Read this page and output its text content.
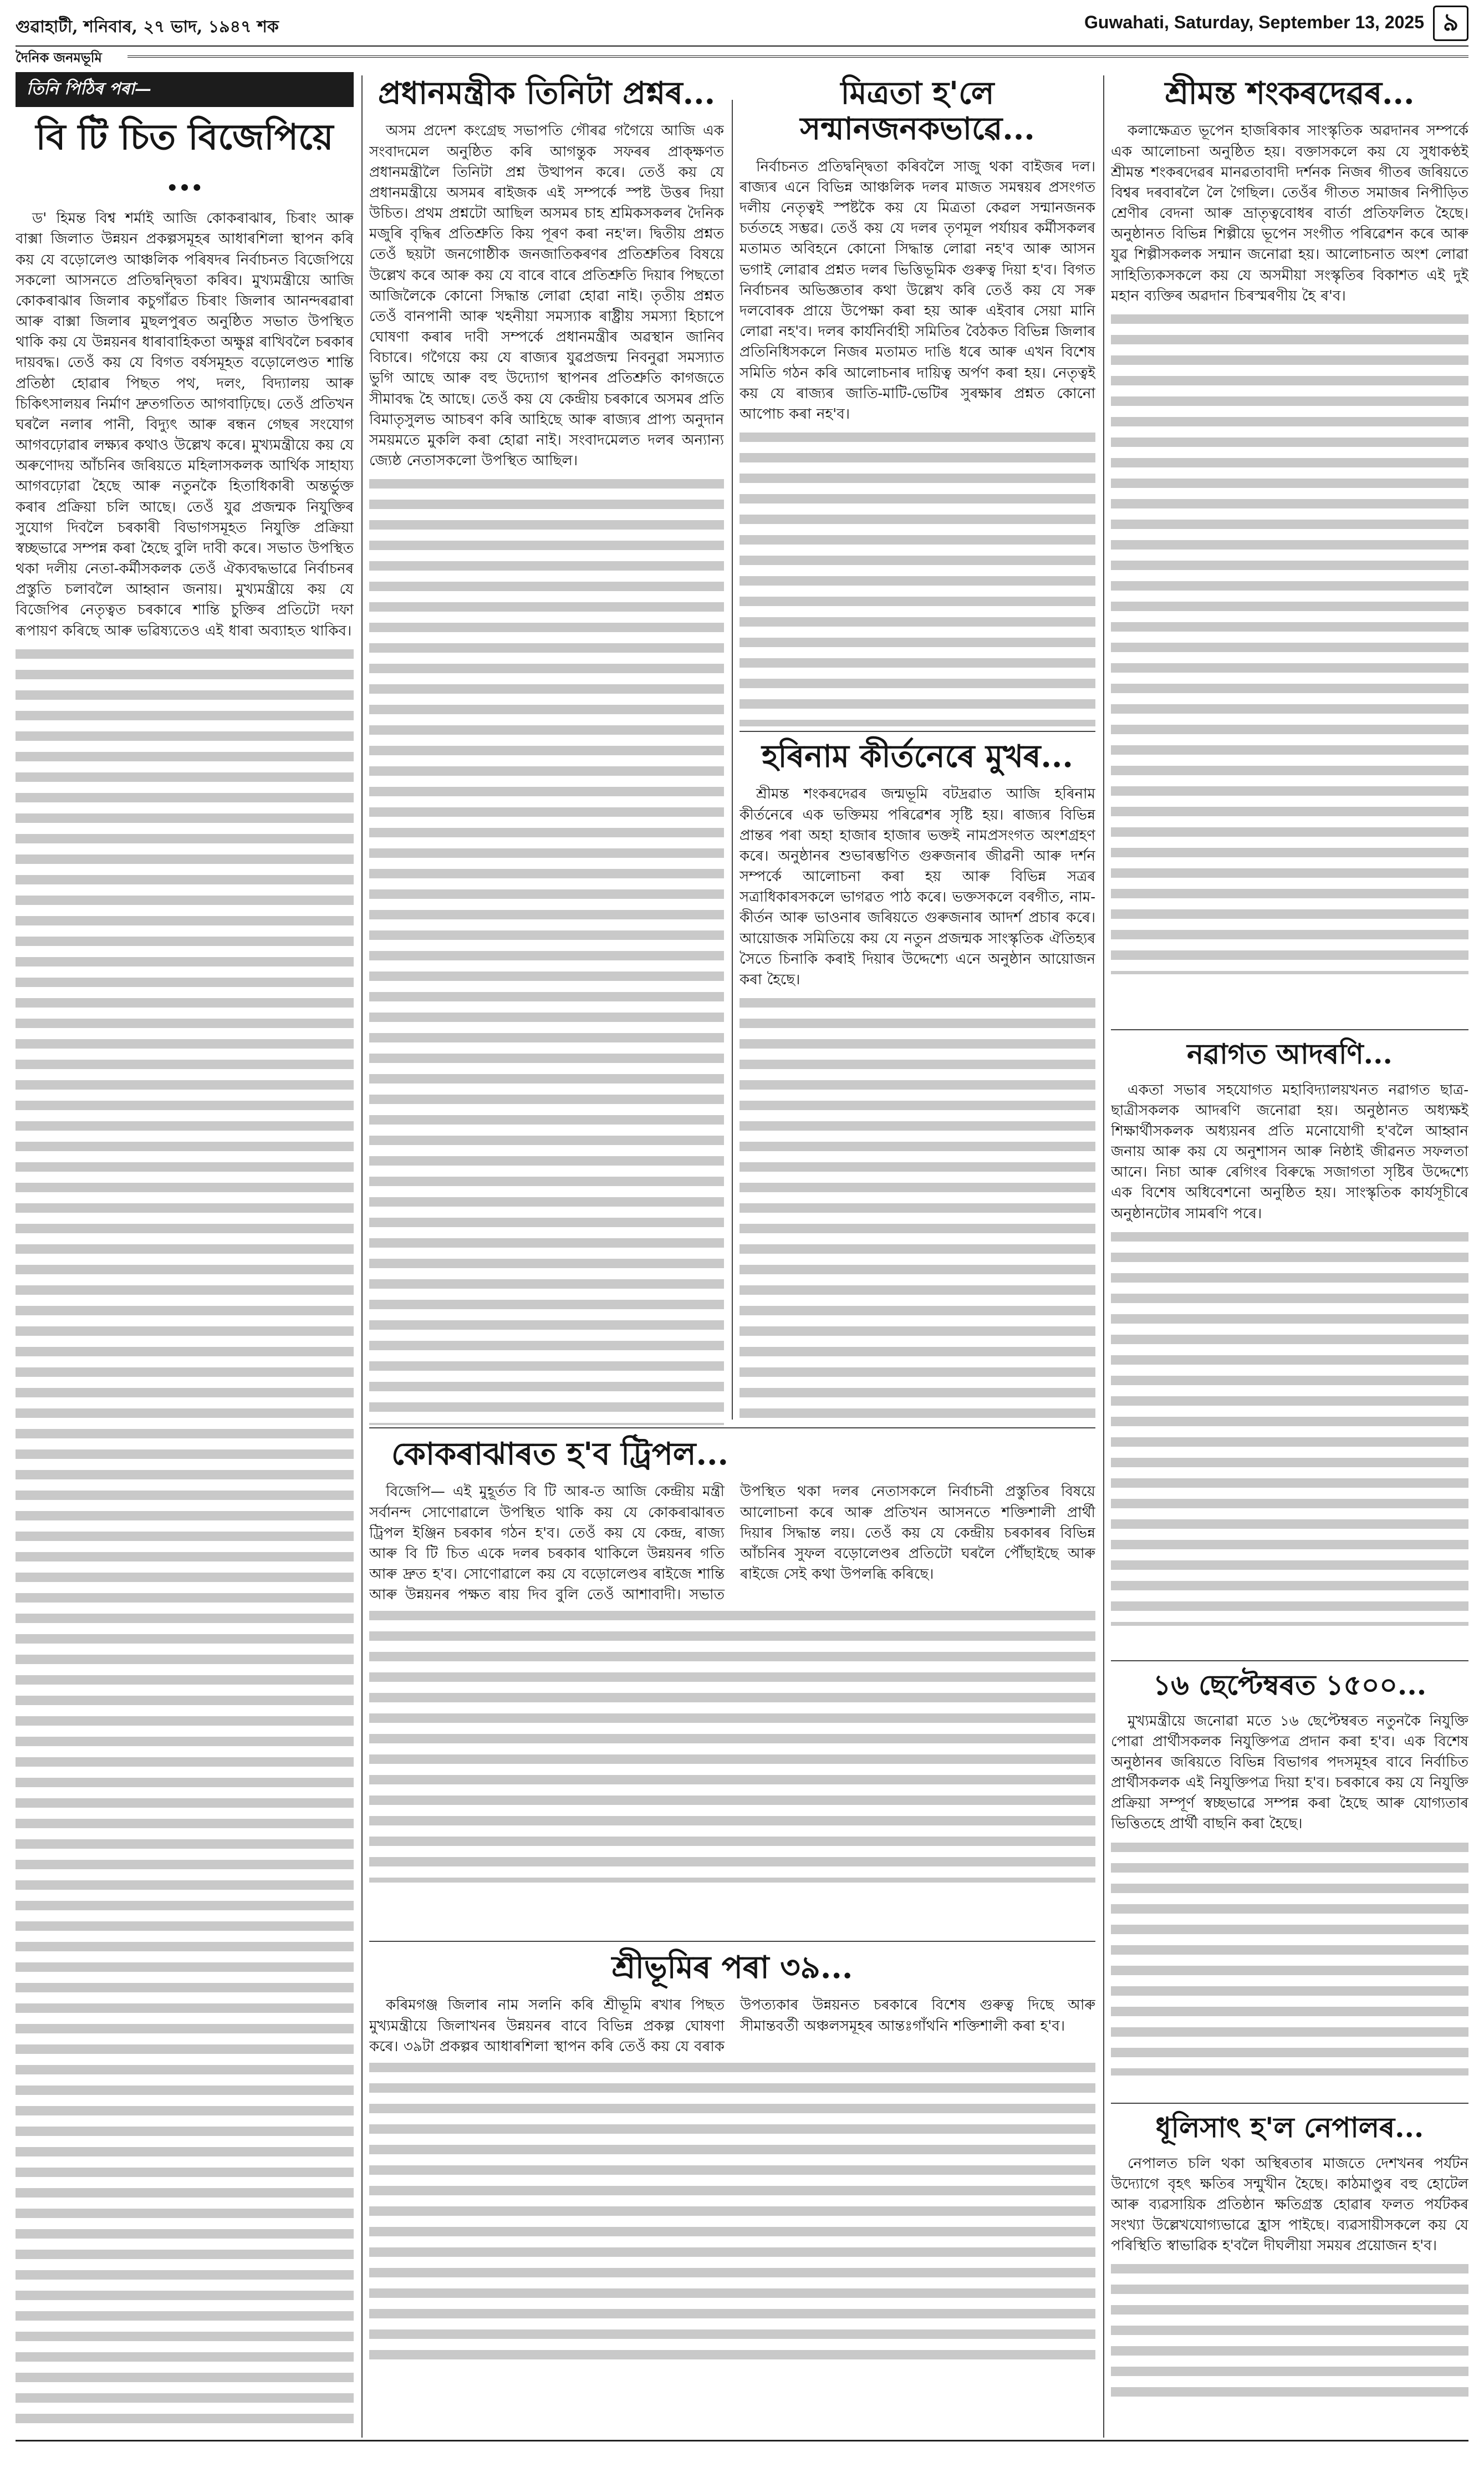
গুৱাহাটী, শনিবাৰ, ২৭ ভাদ, ১৯৪৭ শক	Guwahati, Saturday, September 13, 2025 ৯
দৈনিক জনমভূমি
তিনি পিঠিৰ পৰা—
বি টি চিত বিজেপিয়ে ...

ড' হিমন্ত বিশ্ব শৰ্মাই আজি কোকৰাঝাৰ, চিৰাং আৰু বাক্সা জিলাত উন্নয়ন প্ৰকল্পসমূহৰ আধাৰশিলা স্থাপন কৰি কয় যে বড়োলেণ্ড আঞ্চলিক পৰিষদৰ নিৰ্বাচনত বিজেপিয়ে সকলো আসনতে প্ৰতিদ্বন্দ্বিতা কৰিব। মুখ্যমন্ত্ৰীয়ে আজি কোকৰাঝাৰ জিলাৰ কচুগাঁৱত চিৰাং জিলাৰ আনন্দৰৱাৰা আৰু বাক্সা জিলাৰ মুছলপুৰত অনুষ্ঠিত সভাত উপস্থিত থাকি কয় যে উন্নয়নৰ ধাৰাবাহিকতা অক্ষুণ্ণ ৰাখিবলৈ চৰকাৰ দায়বদ্ধ। তেওঁ কয় যে বিগত বৰ্ষসমূহত বড়োলেণ্ডত শান্তি প্ৰতিষ্ঠা হোৱাৰ পিছত পথ, দলং, বিদ্যালয় আৰু চিকিৎসালয়ৰ নিৰ্মাণ দ্ৰুতগতিত আগবাঢ়িছে। তেওঁ প্ৰতিখন ঘৰলৈ নলাৰ পানী, বিদ্যুৎ আৰু ৰন্ধন গেছৰ সংযোগ আগবঢ়োৱাৰ লক্ষ্যৰ কথাও উল্লেখ কৰে। মুখ্যমন্ত্ৰীয়ে কয় যে অৰুণোদয় আঁচনিৰ জৰিয়তে মহিলাসকলক আৰ্থিক সাহায্য আগবঢ়োৱা হৈছে আৰু নতুনকৈ হিতাধিকাৰী অন্তৰ্ভুক্ত কৰাৰ প্ৰক্ৰিয়া চলি আছে। তেওঁ যুৱ প্ৰজন্মক নিযুক্তিৰ সুযোগ দিবলৈ চৰকাৰী বিভাগসমূহত নিযুক্তি প্ৰক্ৰিয়া স্বচ্ছভাৱে সম্পন্ন কৰা হৈছে বুলি দাবী কৰে। সভাত উপস্থিত থকা দলীয় নেতা-কৰ্মীসকলক তেওঁ ঐক্যবদ্ধভাৱে নিৰ্বাচনৰ প্ৰস্তুতি চলাবলৈ আহ্বান জনায়। মুখ্যমন্ত্ৰীয়ে কয় যে বিজেপিৰ নেতৃত্বত চৰকাৰে শান্তি চুক্তিৰ প্ৰতিটো দফা ৰূপায়ণ কৰিছে আৰু ভৱিষ্যতেও এই ধাৰা অব্যাহত থাকিব।

প্ৰধানমন্ত্ৰীক তিনিটা প্ৰশ্নৰ...

অসম প্ৰদেশ কংগ্ৰেছ সভাপতি গৌৰৱ গগৈয়ে আজি এক সংবাদমেল অনুষ্ঠিত কৰি আগন্তুক সফৰৰ প্ৰাক্ক্ষণত প্ৰধানমন্ত্ৰীলৈ তিনিটা প্ৰশ্ন উত্থাপন কৰে। তেওঁ কয় যে প্ৰধানমন্ত্ৰীয়ে অসমৰ ৰাইজক এই সম্পৰ্কে স্পষ্ট উত্তৰ দিয়া উচিত। প্ৰথম প্ৰশ্নটো আছিল অসমৰ চাহ শ্ৰমিকসকলৰ দৈনিক মজুৰি বৃদ্ধিৰ প্ৰতিশ্ৰুতি কিয় পূৰণ কৰা নহ'ল। দ্বিতীয় প্ৰশ্নত তেওঁ ছয়টা জনগোষ্ঠীক জনজাতিকৰণৰ প্ৰতিশ্ৰুতিৰ বিষয়ে উল্লেখ কৰে আৰু কয় যে বাৰে বাৰে প্ৰতিশ্ৰুতি দিয়াৰ পিছতো আজিলৈকে কোনো সিদ্ধান্ত লোৱা হোৱা নাই। তৃতীয় প্ৰশ্নত তেওঁ বানপানী আৰু খহনীয়া সমস্যাক ৰাষ্ট্ৰীয় সমস্যা হিচাপে ঘোষণা কৰাৰ দাবী সম্পৰ্কে প্ৰধানমন্ত্ৰীৰ অৱস্থান জানিব বিচাৰে। গগৈয়ে কয় যে ৰাজ্যৰ যুৱপ্ৰজন্ম নিবনুৱা সমস্যাত ভুগি আছে আৰু বহু উদ্যোগ স্থাপনৰ প্ৰতিশ্ৰুতি কাগজতে সীমাবদ্ধ হৈ আছে। তেওঁ কয় যে কেন্দ্ৰীয় চৰকাৰে অসমৰ প্ৰতি বিমাতৃসুলভ আচৰণ কৰি আহিছে আৰু ৰাজ্যৰ প্ৰাপ্য অনুদান সময়মতে মুকলি কৰা হোৱা নাই। সংবাদমেলত দলৰ অন্যান্য জ্যেষ্ঠ নেতাসকলো উপস্থিত আছিল।

মিত্ৰতা হ'লে সন্মানজনকভাৱে...

নিৰ্বাচনত প্ৰতিদ্বন্দ্বিতা কৰিবলৈ সাজু থকা বাইজৰ দল। ৰাজ্যৰ এনে বিভিন্ন আঞ্চলিক দলৰ মাজত সমন্বয়ৰ প্ৰসংগত দলীয় নেতৃত্বই স্পষ্টকৈ কয় যে মিত্ৰতা কেৱল সন্মানজনক চৰ্ততহে সম্ভৱ। তেওঁ কয় যে দলৰ তৃণমূল পৰ্যায়ৰ কৰ্মীসকলৰ মতামত অবিহনে কোনো সিদ্ধান্ত লোৱা নহ'ব আৰু আসন ভগাই লোৱাৰ প্ৰশ্নত দলৰ ভিত্তিভূমিক গুৰুত্ব দিয়া হ'ব। বিগত নিৰ্বাচনৰ অভিজ্ঞতাৰ কথা উল্লেখ কৰি তেওঁ কয় যে সৰু দলবোৰক প্ৰায়ে উপেক্ষা কৰা হয় আৰু এইবাৰ সেয়া মানি লোৱা নহ'ব। দলৰ কাৰ্যনিৰ্বাহী সমিতিৰ বৈঠকত বিভিন্ন জিলাৰ প্ৰতিনিধিসকলে নিজৰ মতামত দাঙি ধৰে আৰু এখন বিশেষ সমিতি গঠন কৰি আলোচনাৰ দায়িত্ব অৰ্পণ কৰা হয়। নেতৃত্বই কয় যে ৰাজ্যৰ জাতি-মাটি-ভেটিৰ সুৰক্ষাৰ প্ৰশ্নত কোনো আপোচ কৰা নহ'ব।

হৰিনাম কীৰ্তনেৰে মুখৰ...

শ্ৰীমন্ত শংকৰদেৱৰ জন্মভূমি বটদ্ৰৱাত আজি হৰিনাম কীৰ্তনেৰে এক ভক্তিময় পৰিৱেশৰ সৃষ্টি হয়। ৰাজ্যৰ বিভিন্ন প্ৰান্তৰ পৰা অহা হাজাৰ হাজাৰ ভক্তই নামপ্ৰসংগত অংশগ্ৰহণ কৰে। অনুষ্ঠানৰ শুভাৰম্ভণিত গুৰুজনাৰ জীৱনী আৰু দৰ্শন সম্পৰ্কে আলোচনা কৰা হয় আৰু বিভিন্ন সত্ৰৰ সত্ৰাধিকাৰসকলে ভাগৱত পাঠ কৰে। ভক্তসকলে বৰগীত, নাম-কীৰ্তন আৰু ভাওনাৰ জৰিয়তে গুৰুজনাৰ আদৰ্শ প্ৰচাৰ কৰে। আয়োজক সমিতিয়ে কয় যে নতুন প্ৰজন্মক সাংস্কৃতিক ঐতিহ্যৰ সৈতে চিনাকি কৰাই দিয়াৰ উদ্দেশ্যে এনে অনুষ্ঠান আয়োজন কৰা হৈছে।

কোকৰাঝাৰত হ'ব ট্ৰিপল...

বিজেপি— এই মুহূৰ্তত বি টি আৰ-ত আজি কেন্দ্ৰীয় মন্ত্ৰী সৰ্বানন্দ সোণোৱালে উপস্থিত থাকি কয় যে কোকৰাঝাৰত ট্ৰিপল ইঞ্জিন চৰকাৰ গঠন হ'ব। তেওঁ কয় যে কেন্দ্ৰ, ৰাজ্য আৰু বি টি চিত একে দলৰ চৰকাৰ থাকিলে উন্নয়নৰ গতি আৰু দ্ৰুত হ'ব। সোণোৱালে কয় যে বড়োলেণ্ডৰ ৰাইজে শান্তি আৰু উন্নয়নৰ পক্ষত ৰায় দিব বুলি তেওঁ আশাবাদী। সভাত উপস্থিত থকা দলৰ নেতাসকলে নিৰ্বাচনী প্ৰস্তুতিৰ বিষয়ে আলোচনা কৰে আৰু প্ৰতিখন আসনতে শক্তিশালী প্ৰাৰ্থী দিয়াৰ সিদ্ধান্ত লয়। তেওঁ কয় যে কেন্দ্ৰীয় চৰকাৰৰ বিভিন্ন আঁচনিৰ সুফল বড়োলেণ্ডৰ প্ৰতিটো ঘৰলৈ পৌঁছাইছে আৰু ৰাইজে সেই কথা উপলব্ধি কৰিছে।

শ্ৰীভূমিৰ পৰা ৩৯...

কৰিমগঞ্জ জিলাৰ নাম সলনি কৰি শ্ৰীভূমি ৰখাৰ পিছত মুখ্যমন্ত্ৰীয়ে জিলাখনৰ উন্নয়নৰ বাবে বিভিন্ন প্ৰকল্প ঘোষণা কৰে। ৩৯টা প্ৰকল্পৰ আধাৰশিলা স্থাপন কৰি তেওঁ কয় যে বৰাক উপত্যকাৰ উন্নয়নত চৰকাৰে বিশেষ গুৰুত্ব দিছে আৰু সীমান্তবৰ্তী অঞ্চলসমূহৰ আন্তঃগাঁথনি শক্তিশালী কৰা হ'ব।

শ্ৰীমন্ত শংকৰদেৱৰ...

কলাক্ষেত্ৰত ভূপেন হাজৰিকাৰ সাংস্কৃতিক অৱদানৰ সম্পৰ্কে এক আলোচনা অনুষ্ঠিত হয়। বক্তাসকলে কয় যে সুধাকণ্ঠই শ্ৰীমন্ত শংকৰদেৱৰ মানৱতাবাদী দৰ্শনক নিজৰ গীতৰ জৰিয়তে বিশ্বৰ দৰবাৰলৈ লৈ গৈছিল। তেওঁৰ গীতত সমাজৰ নিপীড়িত শ্ৰেণীৰ বেদনা আৰু ভ্ৰাতৃত্ববোধৰ বাৰ্তা প্ৰতিফলিত হৈছে। অনুষ্ঠানত বিভিন্ন শিল্পীয়ে ভূপেন সংগীত পৰিৱেশন কৰে আৰু যুৱ শিল্পীসকলক সন্মান জনোৱা হয়। আলোচনাত অংশ লোৱা সাহিত্যিকসকলে কয় যে অসমীয়া সংস্কৃতিৰ বিকাশত এই দুই মহান ব্যক্তিৰ অৱদান চিৰস্মৰণীয় হৈ ৰ'ব।

নৱাগত আদৰণি...

একতা সভাৰ সহযোগত মহাবিদ্যালয়খনত নৱাগত ছাত্ৰ-ছাত্ৰীসকলক আদৰণি জনোৱা হয়। অনুষ্ঠানত অধ্যক্ষই শিক্ষাৰ্থীসকলক অধ্যয়নৰ প্ৰতি মনোযোগী হ'বলৈ আহ্বান জনায় আৰু কয় যে অনুশাসন আৰু নিষ্ঠাই জীৱনত সফলতা আনে। নিচা আৰু ৰেগিংৰ বিৰুদ্ধে সজাগতা সৃষ্টিৰ উদ্দেশ্যে এক বিশেষ অধিবেশনো অনুষ্ঠিত হয়। সাংস্কৃতিক কাৰ্যসূচীৰে অনুষ্ঠানটোৰ সামৰণি পৰে।

১৬ ছেপ্টেম্বৰত ১৫০০...

মুখ্যমন্ত্ৰীয়ে জনোৱা মতে ১৬ ছেপ্টেম্বৰত নতুনকৈ নিযুক্তি পোৱা প্ৰাৰ্থীসকলক নিযুক্তিপত্ৰ প্ৰদান কৰা হ'ব। এক বিশেষ অনুষ্ঠানৰ জৰিয়তে বিভিন্ন বিভাগৰ পদসমূহৰ বাবে নিৰ্বাচিত প্ৰাৰ্থীসকলক এই নিযুক্তিপত্ৰ দিয়া হ'ব। চৰকাৰে কয় যে নিযুক্তি প্ৰক্ৰিয়া সম্পূৰ্ণ স্বচ্ছভাৱে সম্পন্ন কৰা হৈছে আৰু যোগ্যতাৰ ভিত্তিতহে প্ৰাৰ্থী বাছনি কৰা হৈছে।

ধূলিসাৎ হ'ল নেপালৰ...

নেপালত চলি থকা অস্থিৰতাৰ মাজতে দেশখনৰ পৰ্যটন উদ্যোগে বৃহৎ ক্ষতিৰ সন্মুখীন হৈছে। কাঠমাণ্ডুৰ বহু হোটেল আৰু ব্যৱসায়িক প্ৰতিষ্ঠান ক্ষতিগ্ৰস্ত হোৱাৰ ফলত পৰ্যটকৰ সংখ্যা উল্লেখযোগ্যভাৱে হ্ৰাস পাইছে। ব্যৱসায়ীসকলে কয় যে পৰিস্থিতি স্বাভাৱিক হ'বলৈ দীঘলীয়া সময়ৰ প্ৰয়োজন হ'ব।
